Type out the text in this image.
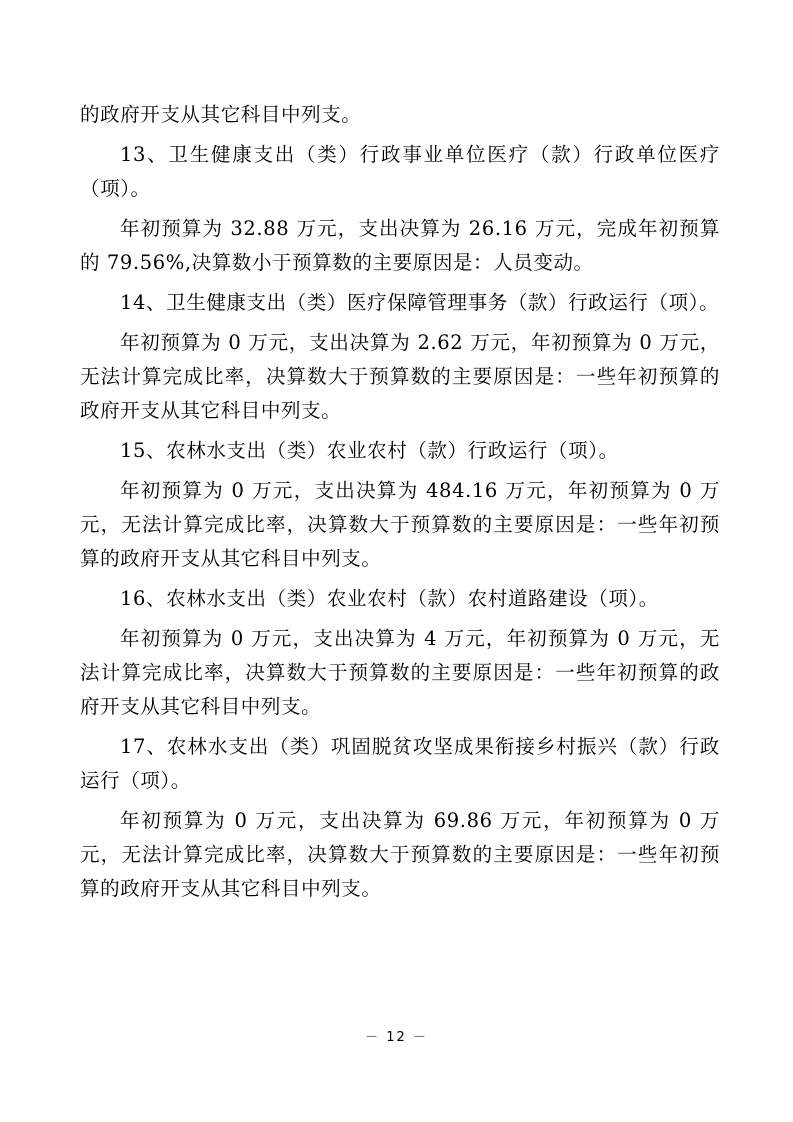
的政府开支从其它科目中列支。

13、卫生健康支出（类）行政事业单位医疗（款）行政单位医疗（项）。

年初预算为 32.88 万元，支出决算为 26.16 万元，完成年初预算的 79.56%,决算数小于预算数的主要原因是：人员变动。

14、卫生健康支出（类）医疗保障管理事务（款）行政运行（项）。

年初预算为 0 万元，支出决算为 2.62 万元，年初预算为 0 万元，无法计算完成比率，决算数大于预算数的主要原因是：一些年初预算的政府开支从其它科目中列支。

15、农林水支出（类）农业农村（款）行政运行（项）。

年初预算为 0 万元，支出决算为 484.16 万元，年初预算为 0 万元，无法计算完成比率，决算数大于预算数的主要原因是：一些年初预算的政府开支从其它科目中列支。

16、农林水支出（类）农业农村（款）农村道路建设（项）。

年初预算为 0 万元，支出决算为 4 万元，年初预算为 0 万元，无法计算完成比率，决算数大于预算数的主要原因是：一些年初预算的政府开支从其它科目中列支。

17、农林水支出（类）巩固脱贫攻坚成果衔接乡村振兴（款）行政运行（项）。

年初预算为 0 万元，支出决算为 69.86 万元，年初预算为 0 万元，无法计算完成比率，决算数大于预算数的主要原因是：一些年初预算的政府开支从其它科目中列支。

－ 12 －
